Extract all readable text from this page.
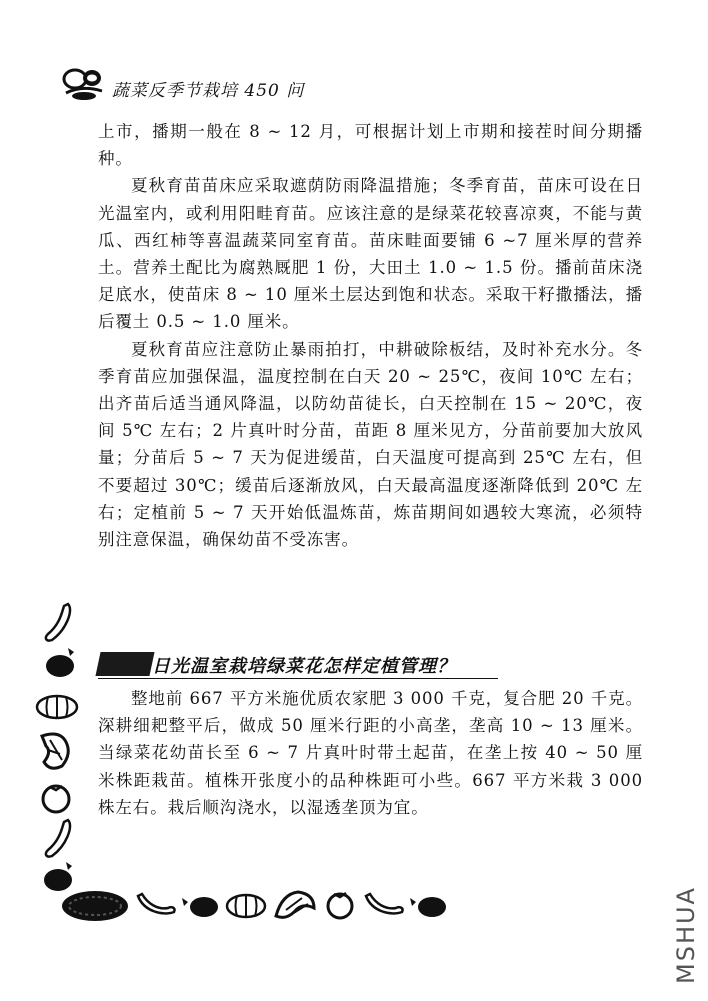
蔬菜反季节栽培 450 问

上市，播期一般在 8 ~ 12 月，可根据计划上市期和接茬时间分期播种。

夏秋育苗苗床应采取遮荫防雨降温措施；冬季育苗，苗床可设在日光温室内，或利用阳畦育苗。应该注意的是绿菜花较喜凉爽，不能与黄瓜、西红柿等喜温蔬菜同室育苗。苗床畦面要铺 6 ~7 厘米厚的营养土。营养土配比为腐熟厩肥 1 份，大田土 1.0 ~ 1.5 份。播前苗床浇足底水，使苗床 8 ~ 10 厘米土层达到饱和状态。采取干籽撒播法，播后覆土 0.5 ~ 1.0 厘米。

夏秋育苗应注意防止暴雨拍打，中耕破除板结，及时补充水分。冬季育苗应加强保温，温度控制在白天 20 ~ 25℃，夜间 10℃ 左右；出齐苗后适当通风降温，以防幼苗徒长，白天控制在 15 ~ 20℃，夜间 5℃ 左右；2 片真叶时分苗，苗距 8 厘米见方，分苗前要加大放风量；分苗后 5 ~ 7 天为促进缓苗，白天温度可提高到 25℃ 左右，但不要超过 30℃；缓苗后逐渐放风，白天最高温度逐渐降低到 20℃ 左右；定植前 5 ~ 7 天开始低温炼苗，炼苗期间如遇较大寒流，必须特别注意保温，确保幼苗不受冻害。

日光温室栽培绿菜花怎样定植管理？

整地前 667 平方米施优质农家肥 3 000 千克，复合肥 20 千克。深耕细耙整平后，做成 50 厘米行距的小高垄，垄高 10 ~ 13 厘米。当绿菜花幼苗长至 6 ~ 7 片真叶时带土起苗，在垄上按 40 ~ 50 厘米株距栽苗。植株开张度小的品种株距可小些。667 平方米栽 3 000 株左右。栽后顺沟浇水，以湿透垄顶为宜。

MSHUA
